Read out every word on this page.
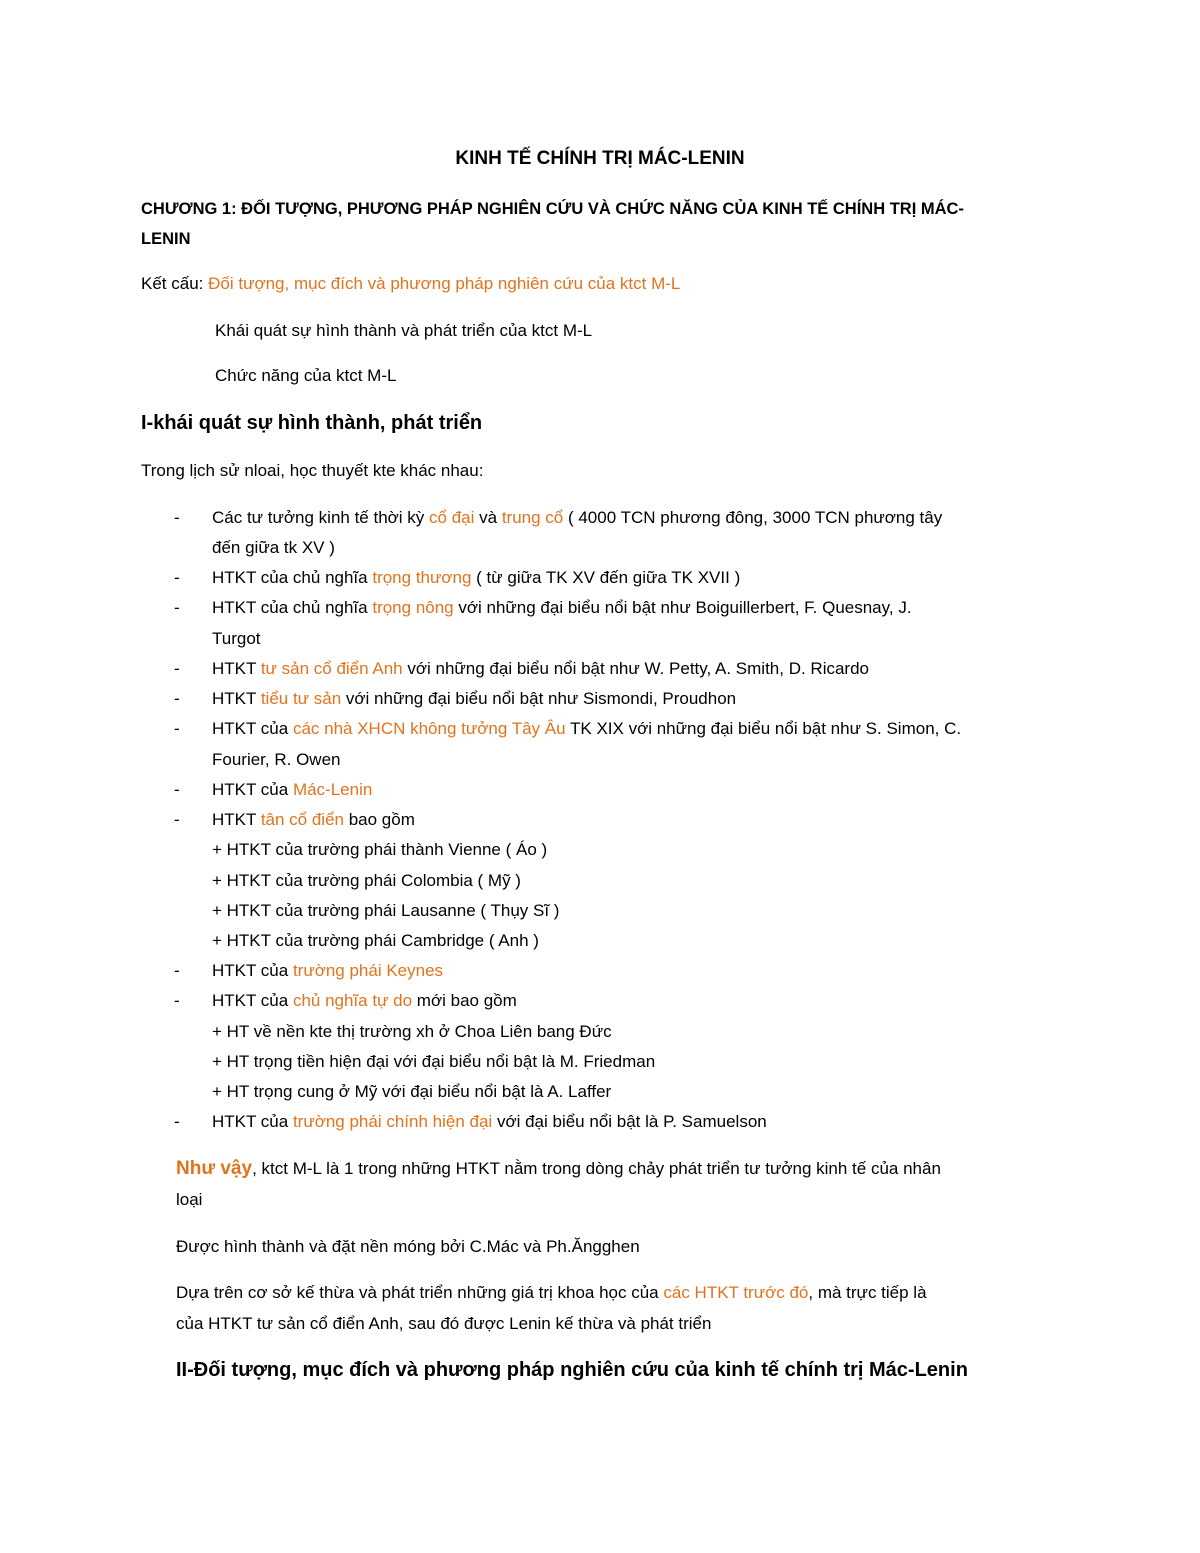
KINH TẾ CHÍNH TRỊ MÁC-LENIN
CHƯƠNG 1: ĐỐI TƯỢNG, PHƯƠNG PHÁP NGHIÊN CỨU VÀ CHỨC NĂNG CỦA KINH TẾ CHÍNH TRỊ MÁC-
LENIN
Kết cấu: Đối tượng, mục đích và phương pháp nghiên cứu của ktct M-L
Khái quát sự hình thành và phát triển của ktct M-L
Chức năng của ktct M-L
I-khái quát sự hình thành, phát triển
Trong lịch sử nloai, học thuyết kte khác nhau:
- Các tư tưởng kinh tế thời kỳ cổ đại và trung cổ ( 4000 TCN phương đông, 3000 TCN phương tây
đến giữa tk XV )
- HTKT của chủ nghĩa trọng thương ( từ giữa TK XV đến giữa TK XVII )
- HTKT của chủ nghĩa trọng nông với những đại biểu nổi bật như Boiguillerbert, F. Quesnay, J.
Turgot
- HTKT tư sản cổ điển Anh với những đại biểu nổi bật như W. Petty, A. Smith, D. Ricardo
- HTKT tiểu tư sản với những đại biểu nổi bật như Sismondi, Proudhon
- HTKT của các nhà XHCN không tưởng Tây Âu TK XIX với những đại biểu nổi bật như S. Simon, C.
Fourier, R. Owen
- HTKT của Mác-Lenin
- HTKT tân cổ điển bao gồm
+ HTKT của trường phái thành Vienne ( Áo )
+ HTKT của trường phái Colombia ( Mỹ )
+ HTKT của trường phái Lausanne ( Thụy Sĩ )
+ HTKT của trường phái Cambridge ( Anh )
- HTKT của trường phái Keynes
- HTKT của chủ nghĩa tự do mới bao gồm
+ HT về nền kte thị trường xh ở Choa Liên bang Đức
+ HT trọng tiền hiện đại với đại biểu nổi bật là M. Friedman
+ HT trọng cung ở Mỹ với đại biểu nổi bật là A. Laffer
- HTKT của trường phái chính hiện đại với đại biểu nổi bật là P. Samuelson
Như vậy, ktct M-L là 1 trong những HTKT nằm trong dòng chảy phát triển tư tưởng kinh tế của nhân
loại
Được hình thành và đặt nền móng bởi C.Mác và Ph.Ăngghen
Dựa trên cơ sở kế thừa và phát triển những giá trị khoa học của các HTKT trước đó, mà trực tiếp là
của HTKT tư sản cổ điển Anh, sau đó được Lenin kế thừa và phát triển
II-Đối tượng, mục đích và phương pháp nghiên cứu của kinh tế chính trị Mác-Lenin
